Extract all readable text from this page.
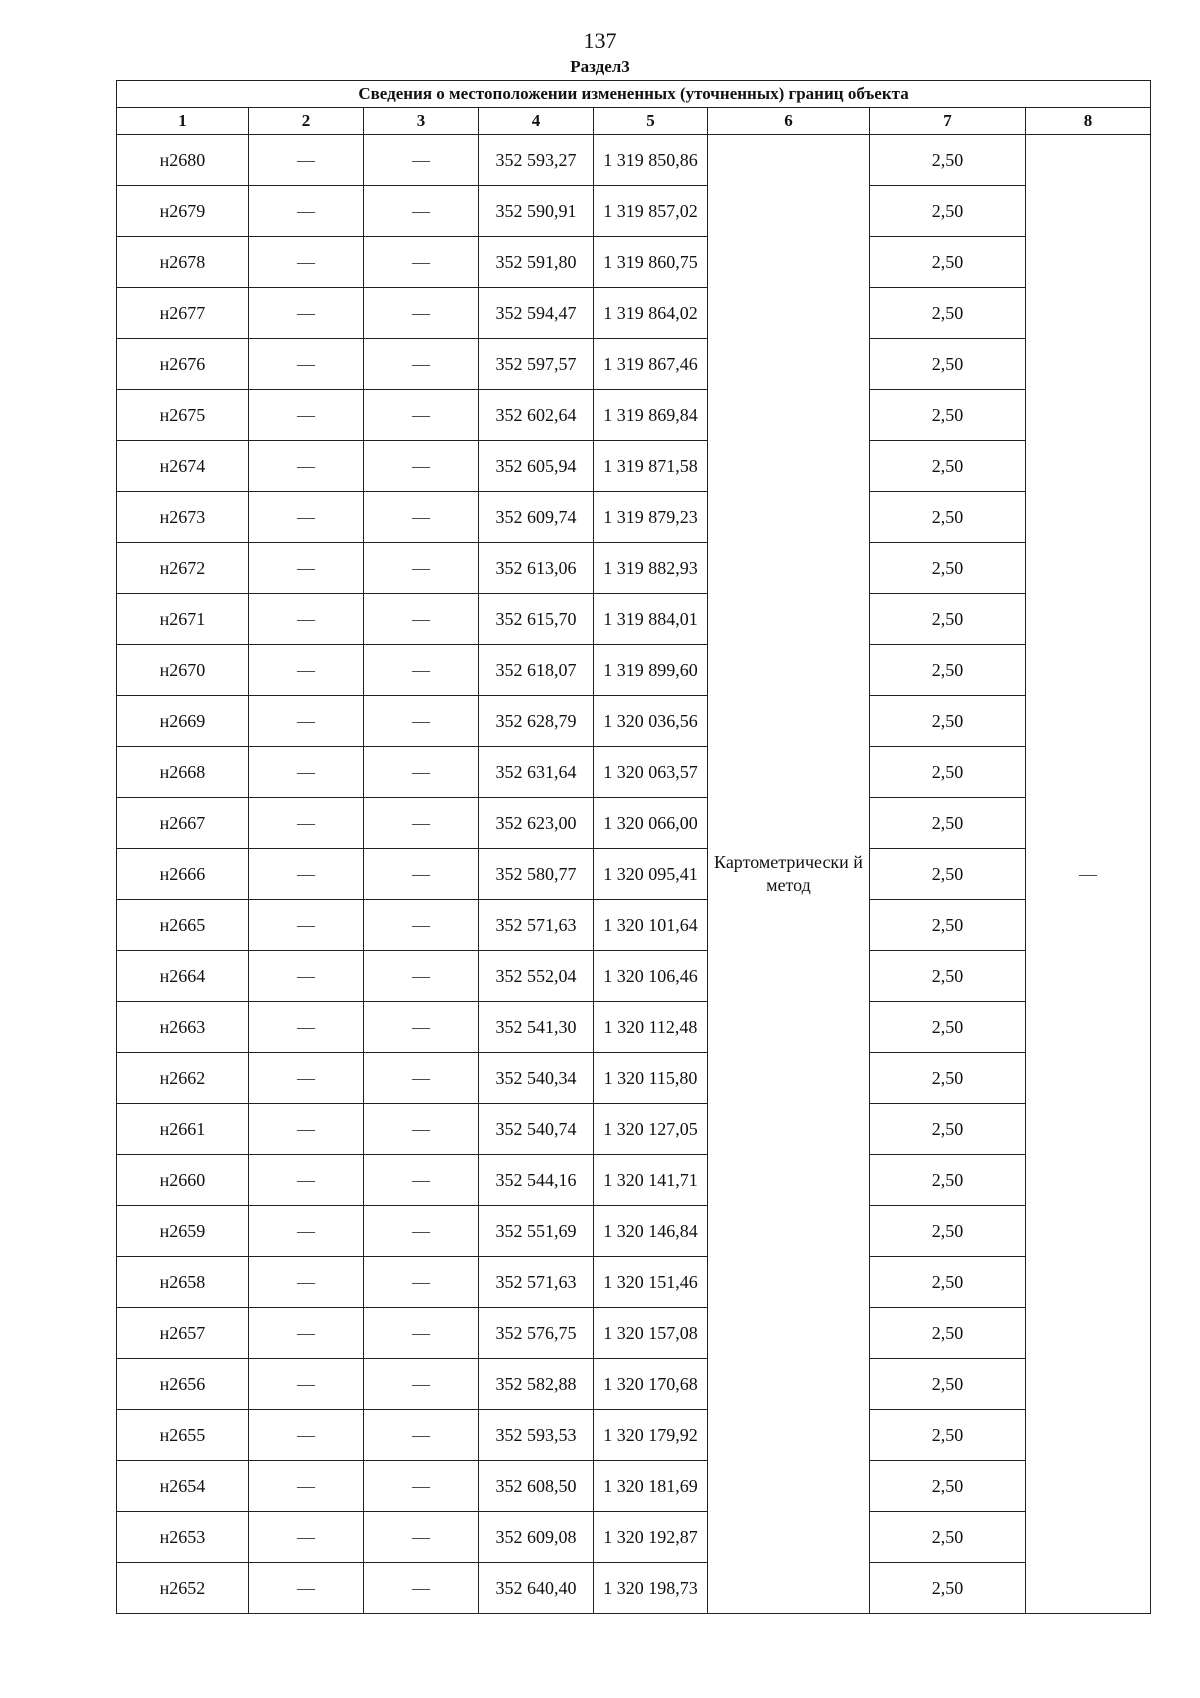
137
Раздел3
Сведения о местоположении измененных (уточненных) границ объекта							
1	2	3	4	5	6	7	8
н2680	—	—	352 593,27	1 319 850,86	Картометрически й метод	2,50	—
н2679	—	—	352 590,91	1 319 857,02		2,50	
н2678	—	—	352 591,80	1 319 860,75		2,50	
н2677	—	—	352 594,47	1 319 864,02		2,50	
н2676	—	—	352 597,57	1 319 867,46		2,50	
н2675	—	—	352 602,64	1 319 869,84		2,50	
н2674	—	—	352 605,94	1 319 871,58		2,50	
н2673	—	—	352 609,74	1 319 879,23		2,50	
н2672	—	—	352 613,06	1 319 882,93		2,50	
н2671	—	—	352 615,70	1 319 884,01		2,50	
н2670	—	—	352 618,07	1 319 899,60		2,50	
н2669	—	—	352 628,79	1 320 036,56		2,50	
н2668	—	—	352 631,64	1 320 063,57		2,50	
н2667	—	—	352 623,00	1 320 066,00		2,50	
н2666	—	—	352 580,77	1 320 095,41		2,50	
н2665	—	—	352 571,63	1 320 101,64		2,50	
н2664	—	—	352 552,04	1 320 106,46		2,50	
н2663	—	—	352 541,30	1 320 112,48		2,50	
н2662	—	—	352 540,34	1 320 115,80		2,50	
н2661	—	—	352 540,74	1 320 127,05		2,50	
н2660	—	—	352 544,16	1 320 141,71		2,50	
н2659	—	—	352 551,69	1 320 146,84		2,50	
н2658	—	—	352 571,63	1 320 151,46		2,50	
н2657	—	—	352 576,75	1 320 157,08		2,50	
н2656	—	—	352 582,88	1 320 170,68		2,50	
н2655	—	—	352 593,53	1 320 179,92		2,50	
н2654	—	—	352 608,50	1 320 181,69		2,50	
н2653	—	—	352 609,08	1 320 192,87		2,50	
н2652	—	—	352 640,40	1 320 198,73		2,50	
